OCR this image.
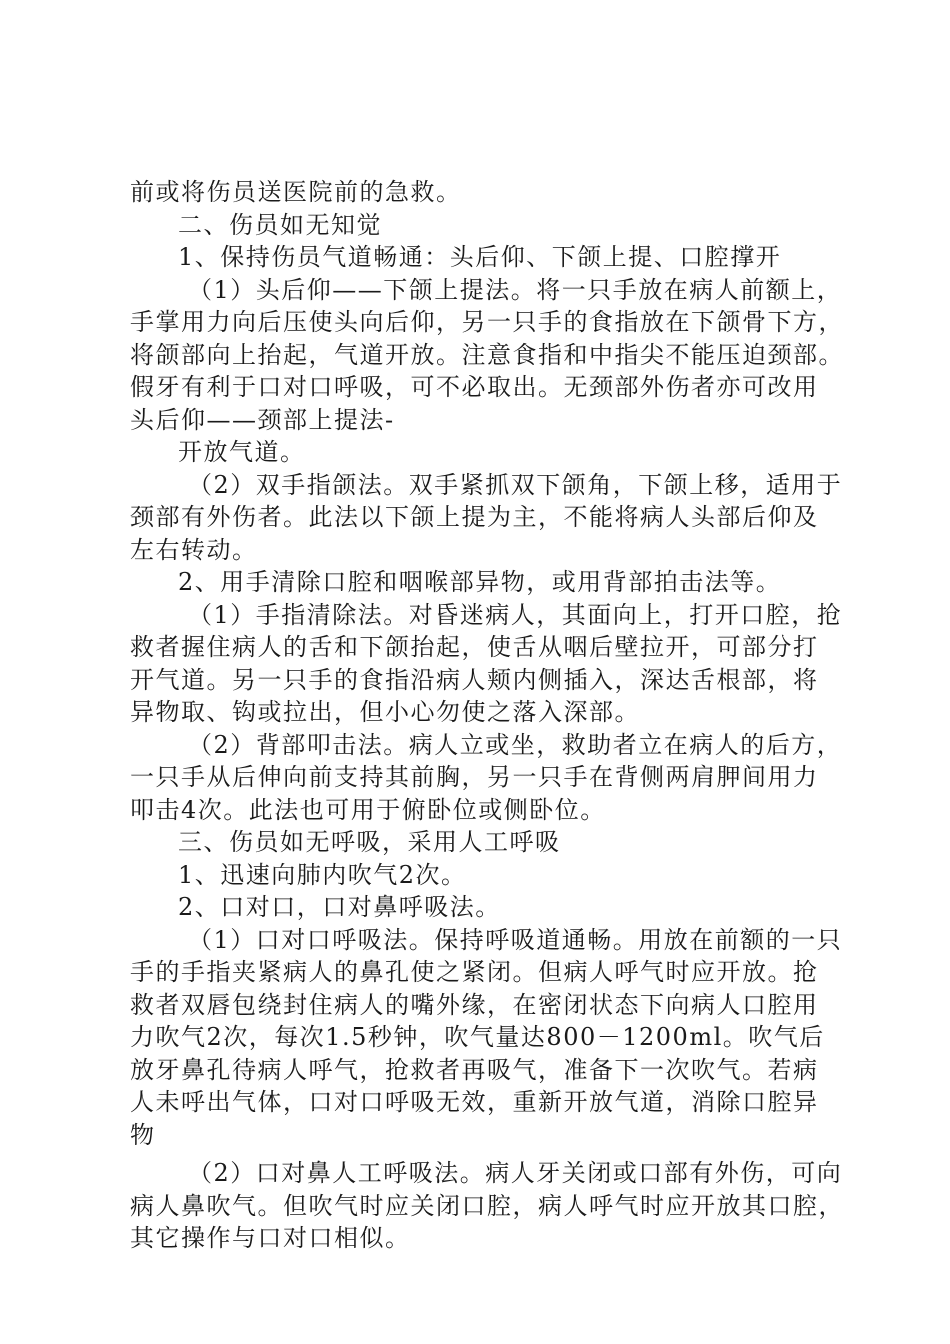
前或将伤员送医院前的急救。
二、伤员如无知觉
1、保持伤员气道畅通：头后仰、下颌上提、口腔撑开
（1）头后仰——下颌上提法。将一只手放在病人前额上，
手掌用力向后压使头向后仰，另一只手的食指放在下颌骨下方，
将颌部向上抬起，气道开放。注意食指和中指尖不能压迫颈部。
假牙有利于口对口呼吸，可不必取出。无颈部外伤者亦可改用
头后仰——颈部上提法-
开放气道。
（2）双手指颌法。双手紧抓双下颌角，下颌上移，适用于
颈部有外伤者。此法以下颌上提为主，不能将病人头部后仰及
左右转动。
2、用手清除口腔和咽喉部异物，或用背部拍击法等。
（1）手指清除法。对昏迷病人，其面向上，打开口腔，抢
救者握住病人的舌和下颌抬起，使舌从咽后壁拉开，可部分打
开气道。另一只手的食指沿病人颊内侧插入，深达舌根部，将
异物取、钩或拉出，但小心勿使之落入深部。
（2）背部叩击法。病人立或坐，救助者立在病人的后方，
一只手从后伸向前支持其前胸，另一只手在背侧两肩胛间用力
叩击4次。此法也可用于俯卧位或侧卧位。
三、伤员如无呼吸，采用人工呼吸
1、迅速向肺内吹气2次。
2、口对口，口对鼻呼吸法。
（1）口对口呼吸法。保持呼吸道通畅。用放在前额的一只
手的手指夹紧病人的鼻孔使之紧闭。但病人呼气时应开放。抢
救者双唇包绕封住病人的嘴外缘，在密闭状态下向病人口腔用
力吹气2次，每次1.5秒钟，吹气量达800－1200ml。吹气后
放牙鼻孔待病人呼气，抢救者再吸气，准备下一次吹气。若病
人未呼出气体，口对口呼吸无效，重新开放气道，消除口腔异
物
（2）口对鼻人工呼吸法。病人牙关闭或口部有外伤，可向
病人鼻吹气。但吹气时应关闭口腔，病人呼气时应开放其口腔，
其它操作与口对口相似。
